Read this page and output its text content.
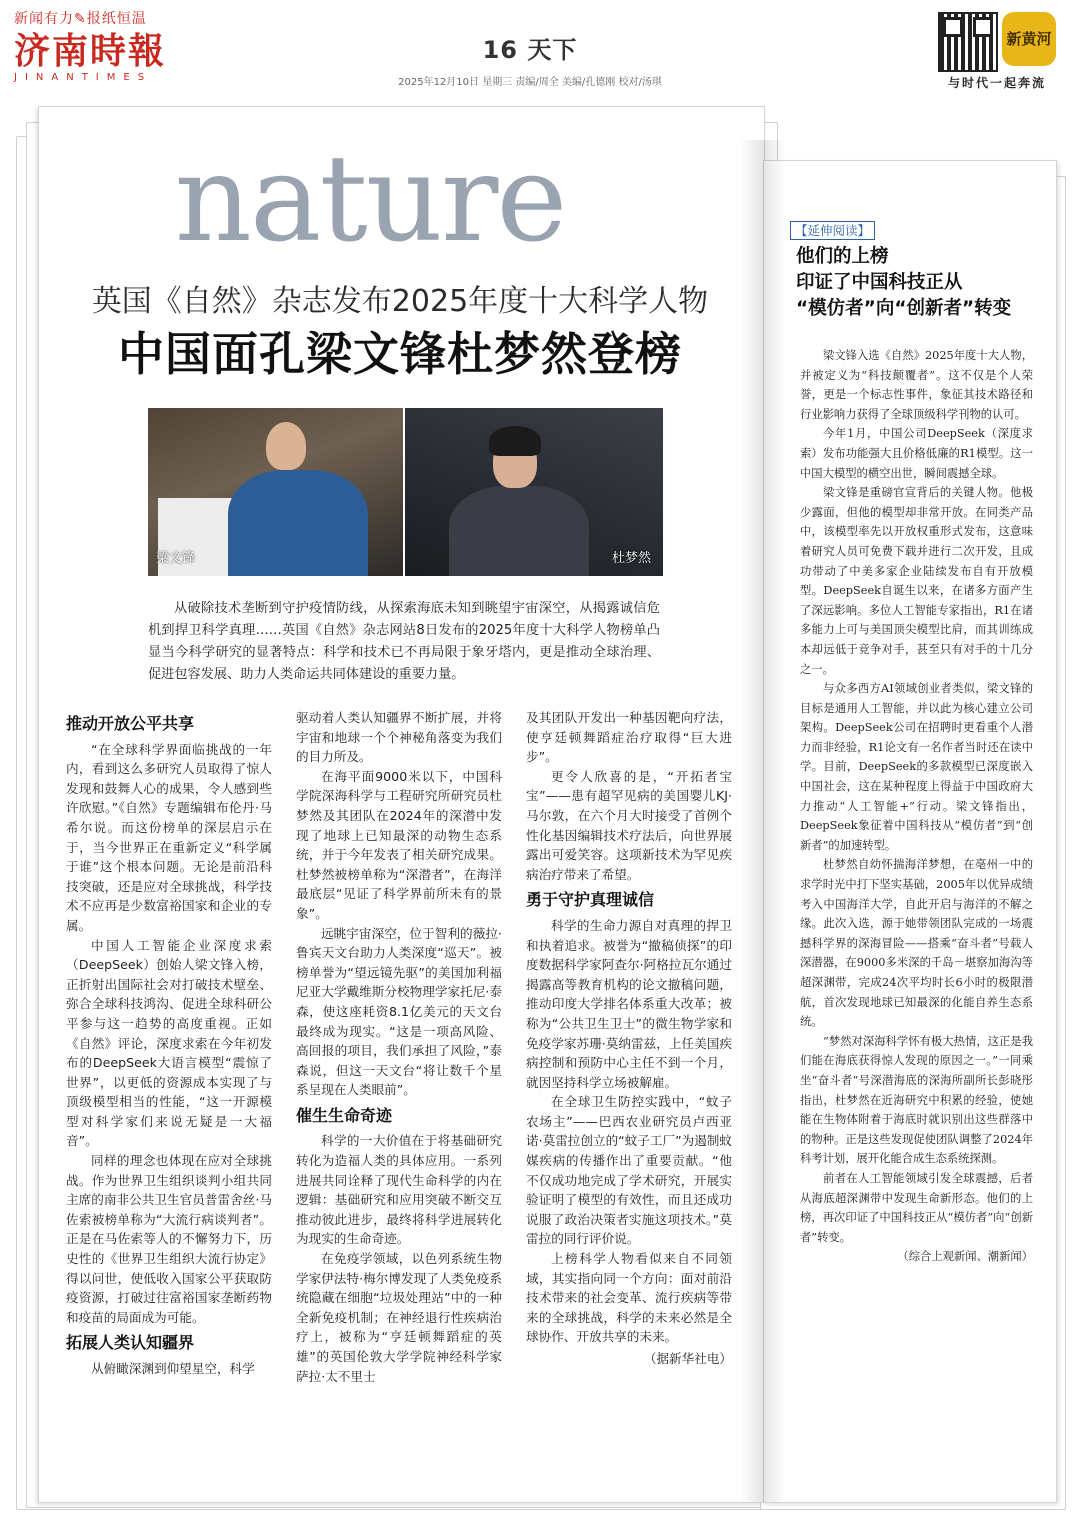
新闻有力✎报纸恒温
济南時報
JINANTIMES
16 天下
2025年12月10日 星期三 责编/周全 美编/孔德刚 校对/汤琪
新黄河
与时代一起奔流
nature
英国《自然》杂志发布2025年度十大科学人物
中国面孔梁文锋杜梦然登榜
梁文锋	杜梦然
从破除技术垄断到守护疫情防线，从探索海底未知到眺望宇宙深空，从揭露诚信危机到捍卫科学真理……英国《自然》杂志网站8日发布的2025年度十大科学人物榜单凸显当今科学研究的显著特点：科学和技术已不再局限于象牙塔内，更是推动全球治理、促进包容发展、助力人类命运共同体建设的重要力量。
推动开放公平共享

“在全球科学界面临挑战的一年内，看到这么多研究人员取得了惊人发现和鼓舞人心的成果，令人感到些许欣慰。”《自然》专题编辑布伦丹·马希尔说。而这份榜单的深层启示在于，当今世界正在重新定义“科学属于谁”这个根本问题。无论是前沿科技突破，还是应对全球挑战，科学技术不应再是少数富裕国家和企业的专属。

中国人工智能企业深度求索（DeepSeek）创始人梁文锋入榜，正折射出国际社会对打破技术壁垒、弥合全球科技鸿沟、促进全球科研公平参与这一趋势的高度重视。正如《自然》评论，深度求索在今年初发布的DeepSeek大语言模型“震惊了世界”，以更低的资源成本实现了与顶级模型相当的性能，“这一开源模型对科学家们来说无疑是一大福音”。

同样的理念也体现在应对全球挑战。作为世界卫生组织谈判小组共同主席的南非公共卫生官员普雷舍丝·马佐索被榜单称为“大流行病谈判者”。正是在马佐索等人的不懈努力下，历史性的《世界卫生组织大流行协定》得以问世，使低收入国家公平获取防疫资源，打破过往富裕国家垄断药物和疫苗的局面成为可能。

拓展人类认知疆界

从俯瞰深渊到仰望星空，科学

驱动着人类认知疆界不断扩展，并将宇宙和地球一个个神秘角落变为我们的目力所及。

在海平面9000米以下，中国科学院深海科学与工程研究所研究员杜梦然及其团队在2024年的深潜中发现了地球上已知最深的动物生态系统，并于今年发表了相关研究成果。杜梦然被榜单称为“深潜者”，在海洋最底层“见证了科学界前所未有的景象”。

远眺宇宙深空，位于智利的薇拉·鲁宾天文台助力人类深度“巡天”。被榜单誉为“望远镜先驱”的美国加利福尼亚大学戴维斯分校物理学家托尼·泰森，使这座耗资8.1亿美元的天文台最终成为现实。“这是一项高风险、高回报的项目，我们承担了风险，”泰森说，但这一天文台“将让数千个星系呈现在人类眼前”。

催生生命奇迹

科学的一大价值在于将基础研究转化为造福人类的具体应用。一系列进展共同诠释了现代生命科学的内在逻辑：基础研究和应用突破不断交互推动彼此进步，最终将科学进展转化为现实的生命奇迹。

在免疫学领域，以色列系统生物学家伊法特·梅尔博发现了人类免疫系统隐藏在细胞“垃圾处理站”中的一种全新免疫机制；在神经退行性疾病治疗上，被称为“亨廷顿舞蹈症的英雄”的英国伦敦大学学院神经科学家萨拉·太不里士

及其团队开发出一种基因靶向疗法，使亨廷顿舞蹈症治疗取得“巨大进步”。

更令人欣喜的是，“开拓者宝宝”——患有超罕见病的美国婴儿KJ·马尔敦，在六个月大时接受了首例个性化基因编辑技术疗法后，向世界展露出可爱笑容。这项新技术为罕见疾病治疗带来了希望。

勇于守护真理诚信

科学的生命力源自对真理的捍卫和执着追求。被誉为“撤稿侦探”的印度数据科学家阿查尔·阿格拉瓦尔通过揭露高等教育机构的论文撤稿问题，推动印度大学排名体系重大改革；被称为“公共卫生卫士”的微生物学家和免疫学家苏珊·莫纳雷兹，上任美国疾病控制和预防中心主任不到一个月，就因坚持科学立场被解雇。

在全球卫生防控实践中，“蚊子农场主”——巴西农业研究员卢西亚诺·莫雷拉创立的“蚊子工厂”为遏制蚊媒疾病的传播作出了重要贡献。“他不仅成功地完成了学术研究，开展实验证明了模型的有效性，而且还成功说服了政治决策者实施这项技术。”莫雷拉的同行评价说。

上榜科学人物看似来自不同领域，其实指向同一个方向：面对前沿技术带来的社会变革、流行疾病等带来的全球挑战，科学的未来必然是全球协作、开放共享的未来。

（据新华社电）
【延伸阅读】
他们的上榜
印证了中国科技正从
“模仿者”向“创新者”转变

梁文锋入选《自然》2025年度十大人物，并被定义为“科技颠覆者”。这不仅是个人荣誉，更是一个标志性事件，象征其技术路径和行业影响力获得了全球顶级科学刊物的认可。

今年1月，中国公司DeepSeek（深度求索）发布功能强大且价格低廉的R1模型。这一中国大模型的横空出世，瞬间震撼全球。

梁文锋是重磅官宣背后的关键人物。他极少露面，但他的模型却非常开放。在同类产品中，该模型率先以开放权重形式发布，这意味着研究人员可免费下载并进行二次开发，且成功带动了中美多家企业陆续发布自有开放模型。DeepSeek自诞生以来，在诸多方面产生了深远影响。多位人工智能专家指出，R1在诸多能力上可与美国顶尖模型比肩，而其训练成本却远低于竞争对手，甚至只有对手的十几分之一。

与众多西方AI领域创业者类似，梁文锋的目标是通用人工智能，并以此为核心建立公司架构。DeepSeek公司在招聘时更看重个人潜力而非经验，R1论文有一名作者当时还在读中学。目前，DeepSeek的多款模型已深度嵌入中国社会，这在某种程度上得益于中国政府大力推动“人工智能+”行动。梁文锋指出，DeepSeek象征着中国科技从“模仿者”到“创新者”的加速转型。

杜梦然自幼怀揣海洋梦想，在亳州一中的求学时光中打下坚实基础，2005年以优异成绩考入中国海洋大学，自此开启与海洋的不解之缘。此次入选，源于她带领团队完成的一场震撼科学界的深海冒险——搭乘“奋斗者”号载人深潜器，在9000多米深的千岛－堪察加海沟等超深渊带，完成24次平均时长6小时的极限潜航，首次发现地球已知最深的化能自养生态系统。

“梦然对深海科学怀有极大热情，这正是我们能在海底获得惊人发现的原因之一。”一同乘坐“奋斗者”号深潜海底的深海所副所长彭晓彤指出，杜梦然在近海研究中积累的经验，使她能在生物体附着于海底时就识别出这些群落中的物种。正是这些发现促使团队调整了2024年科考计划，展开化能合成生态系统探测。

前者在人工智能领域引发全球震撼，后者从海底超深渊带中发现生命新形态。他们的上榜，再次印证了中国科技正从“模仿者”向“创新者”转变。

（综合上观新闻、潮新闻）
